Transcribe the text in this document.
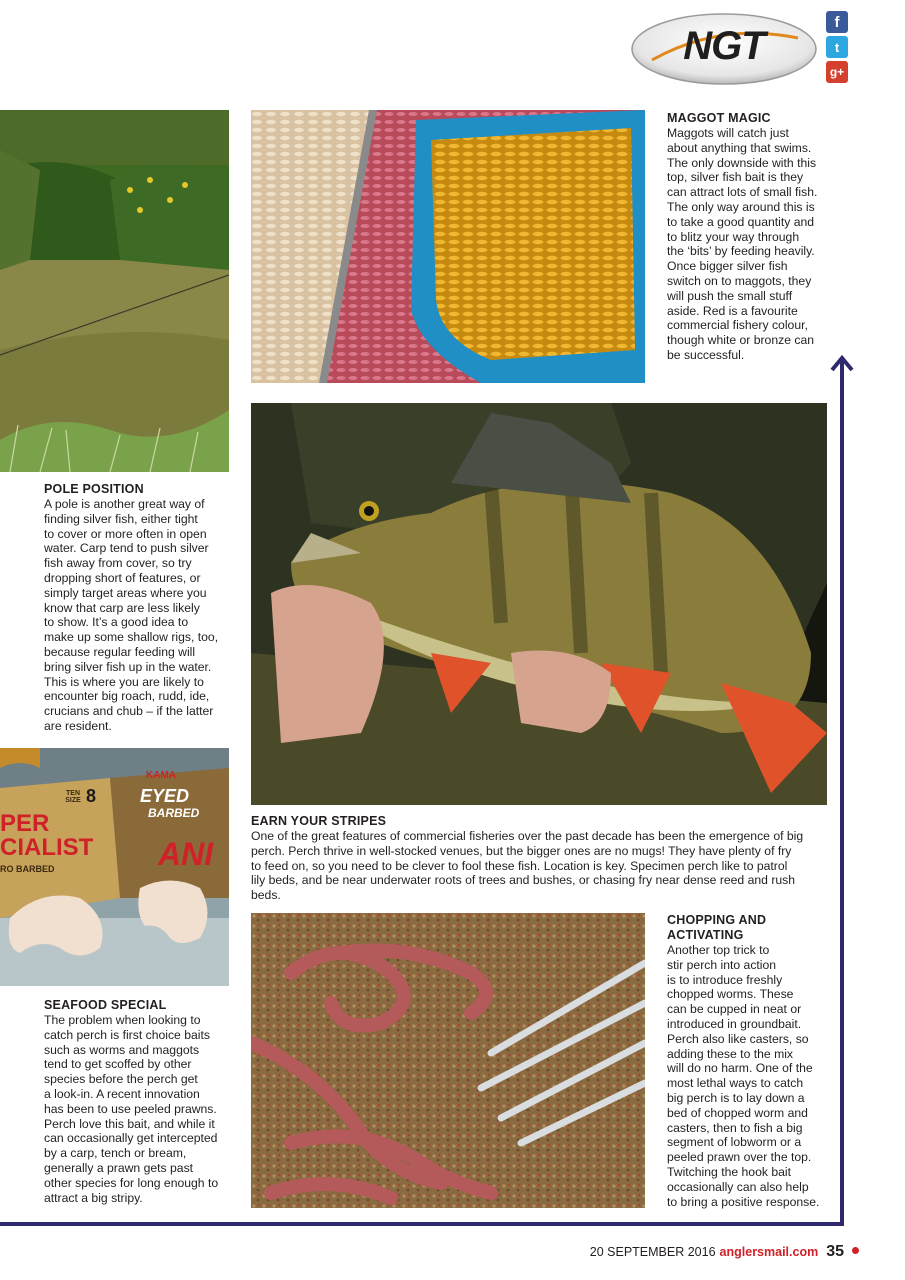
NGT
f
t
g+
MAGGOT MAGIC
Maggots will catch just
about anything that swims.
The only downside with this
top, silver fish bait is they
can attract lots of small fish.
The only way around this is
to take a good quantity and
to blitz your way through
the ‘bits’ by feeding heavily.
Once bigger silver fish
switch on to maggots, they
will push the small stuff
aside. Red is a favourite
commercial fishery colour,
though white or bronze can
be successful.
POLE POSITION
A pole is another great way of
finding silver fish, either tight
to cover or more often in open
water. Carp tend to push silver
fish away from cover, so try
dropping short of features, or
simply target areas where you
know that carp are less likely
to show. It’s a good idea to
make up some shallow rigs, too,
because regular feeding will
bring silver fish up in the water.
This is where you are likely to
encounter big roach, rudd, ide,
crucians and chub – if the latter
are resident.
TEN
SIZE 8
KAMA
EYED
BARBED
PER
CIALIST
RO BARBED	ANI
EARN YOUR STRIPES
One of the great features of commercial fisheries over the past decade has been the emergence of big
perch. Perch thrive in well-stocked venues, but the bigger ones are no mugs! They have plenty of fry
to feed on, so you need to be clever to fool these fish. Location is key. Specimen perch like to patrol
lily beds, and be near underwater roots of trees and bushes, or chasing fry near dense reed and rush
beds.
SEAFOOD SPECIAL
The problem when looking to
catch perch is first choice baits
such as worms and maggots
tend to get scoffed by other
species before the perch get
a look-in. A recent innovation
has been to use peeled prawns.
Perch love this bait, and while it
can occasionally get intercepted
by a carp, tench or bream,
generally a prawn gets past
other species for long enough to
attract a big stripy.
CHOPPING AND
ACTIVATING
Another top trick to
stir perch into action
is to introduce freshly
chopped worms. These
can be cupped in neat or
introduced in groundbait.
Perch also like casters, so
adding these to the mix
will do no harm. One of the
most lethal ways to catch
big perch is to lay down a
bed of chopped worm and
casters, then to fish a big
segment of lobworm or a
peeled prawn over the top.
Twitching the hook bait
occasionally can also help
to bring a positive response.
20 SEPTEMBER 2016 anglersmail.com 35
